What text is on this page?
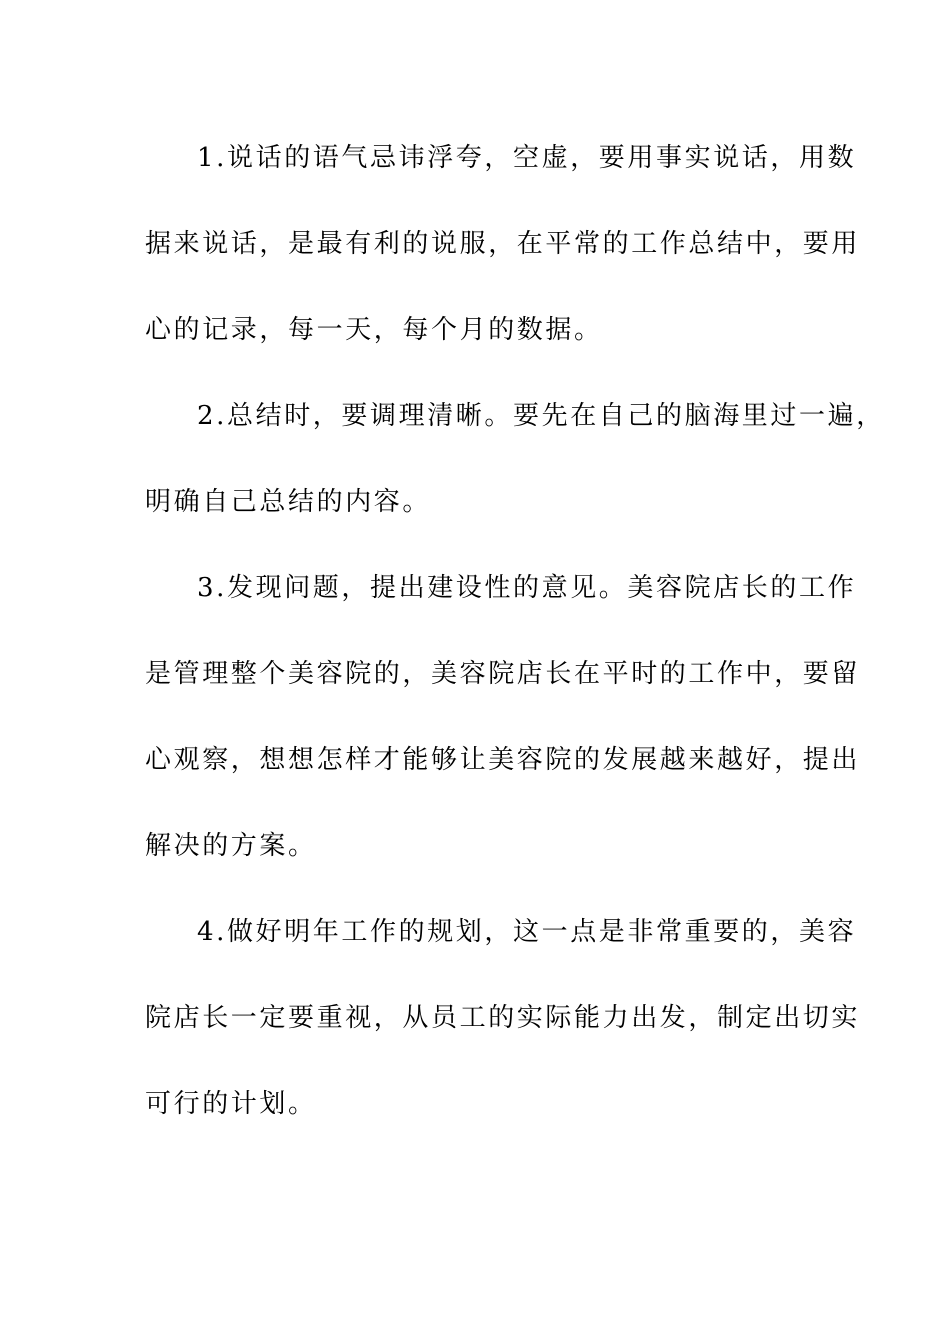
1.说话的语气忌讳浮夸，空虚，要用事实说话，用数
据来说话，是最有利的说服，在平常的工作总结中，要用
心的记录，每一天，每个月的数据。
2.总结时，要调理清晰。要先在自己的脑海里过一遍，
明确自己总结的内容。
3.发现问题，提出建设性的意见。美容院店长的工作
是管理整个美容院的，美容院店长在平时的工作中，要留
心观察，想想怎样才能够让美容院的发展越来越好，提出
解决的方案。
4.做好明年工作的规划，这一点是非常重要的，美容
院店长一定要重视，从员工的实际能力出发，制定出切实
可行的计划。
